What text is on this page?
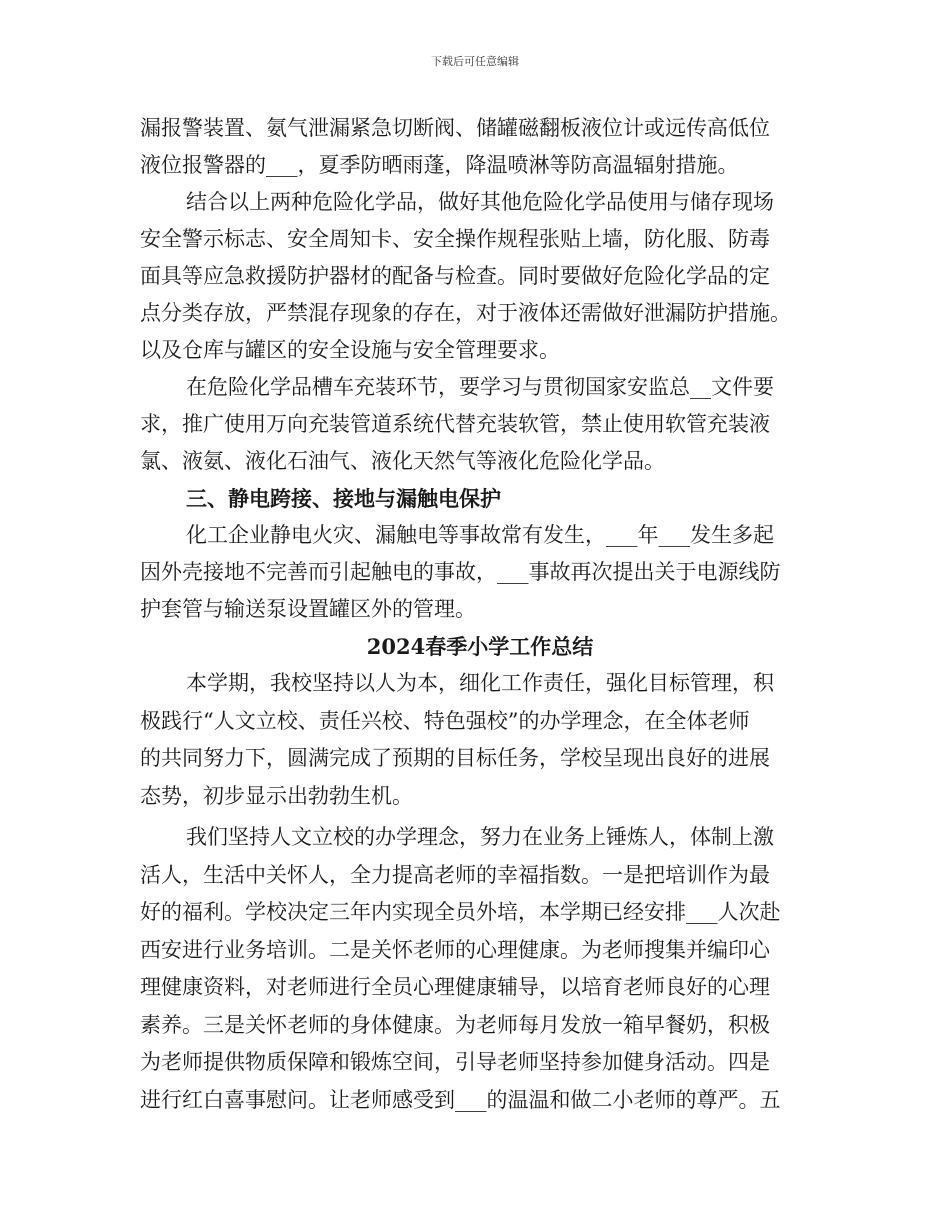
下载后可任意编辑
漏报警装置、氨气泄漏紧急切断阀、储罐磁翻板液位计或远传高低位
液位报警器的___，夏季防晒雨蓬，降温喷淋等防高温辐射措施。
结合以上两种危险化学品，做好其他危险化学品使用与储存现场
安全警示标志、安全周知卡、安全操作规程张贴上墙，防化服、防毒
面具等应急救援防护器材的配备与检查。同时要做好危险化学品的定
点分类存放，严禁混存现象的存在，对于液体还需做好泄漏防护措施。
以及仓库与罐区的安全设施与安全管理要求。
在危险化学品槽车充装环节，要学习与贯彻国家安监总__文件要
求，推广使用万向充装管道系统代替充装软管，禁止使用软管充装液
氯、液氨、液化石油气、液化天然气等液化危险化学品。
三、静电跨接、接地与漏触电保护
化工企业静电火灾、漏触电等事故常有发生，___年___发生多起
因外壳接地不完善而引起触电的事故，___事故再次提出关于电源线防
护套管与输送泵设置罐区外的管理。
2024春季小学工作总结
本学期，我校坚持以人为本，细化工作责任，强化目标管理，积
极践行“人文立校、责任兴校、特色强校”的办学理念，在全体老师
的共同努力下，圆满完成了预期的目标任务，学校呈现出良好的进展
态势，初步显示出勃勃生机。
我们坚持人文立校的办学理念，努力在业务上锤炼人，体制上激
活人，生活中关怀人，全力提高老师的幸福指数。一是把培训作为最
好的福利。学校决定三年内实现全员外培，本学期已经安排___人次赴
西安进行业务培训。二是关怀老师的心理健康。为老师搜集并编印心
理健康资料，对老师进行全员心理健康辅导，以培育老师良好的心理
素养。三是关怀老师的身体健康。为老师每月发放一箱早餐奶，积极
为老师提供物质保障和锻炼空间，引导老师坚持参加健身活动。四是
进行红白喜事慰问。让老师感受到___的温温和做二小老师的尊严。五
